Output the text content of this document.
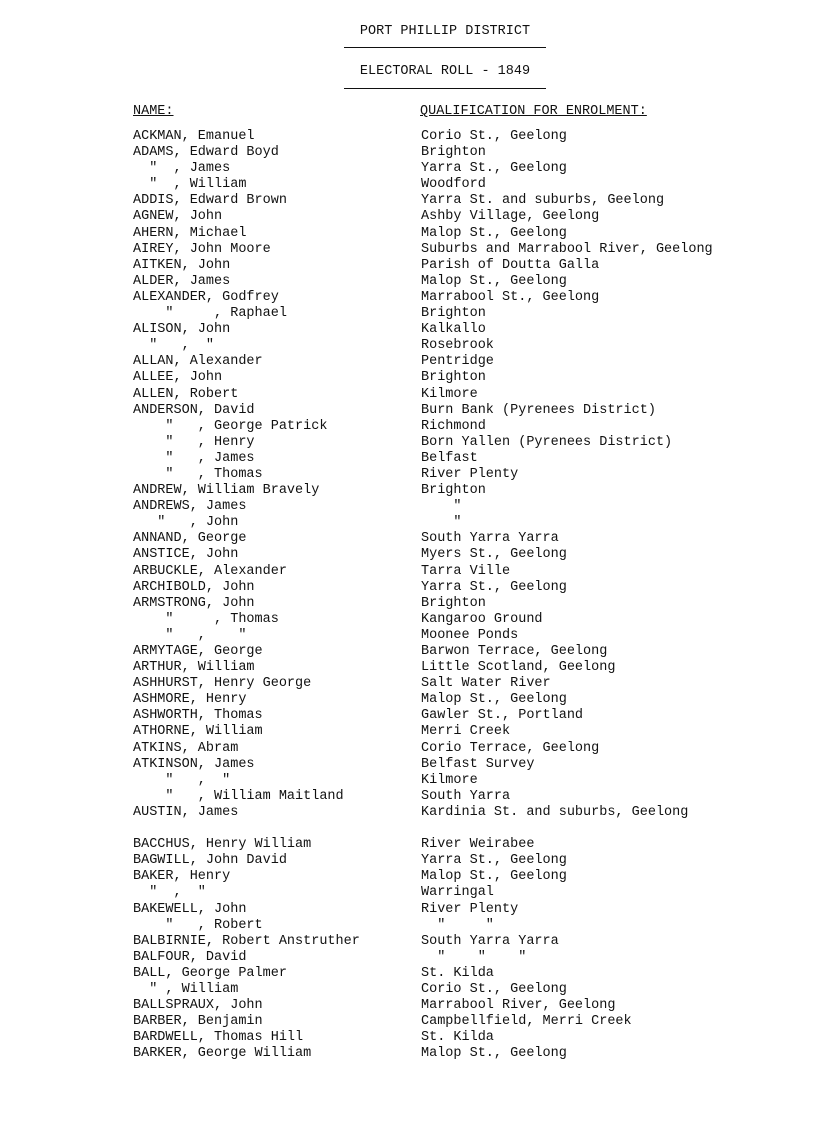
PORT PHILLIP DISTRICT
ELECTORAL ROLL - 1849
NAME:	QUALIFICATION FOR ENROLMENT:
ACKMAN, Emanuel	Corio St., Geelong
ADAMS, Edward Boyd	Brighton
"  , James	Yarra St., Geelong
"  , William	Woodford
ADDIS, Edward Brown	Yarra St. and suburbs, Geelong
AGNEW, John	Ashby Village, Geelong
AHERN, Michael	Malop St., Geelong
AIREY, John Moore	Suburbs and Marrabool River, Geelong
AITKEN, John	Parish of Doutta Galla
ALDER, James	Malop St., Geelong
ALEXANDER, Godfrey	Marrabool St., Geelong
"     , Raphael	Brighton
ALISON, John	Kalkallo
"   ,  "	Rosebrook
ALLAN, Alexander	Pentridge
ALLEE, John	Brighton
ALLEN, Robert	Kilmore
ANDERSON, David	Burn Bank (Pyrenees District)
"   , George Patrick	Richmond
"   , Henry	Born Yallen (Pyrenees District)
"   , James	Belfast
"   , Thomas	River Plenty
ANDREW, William Bravely	Brighton
ANDREWS, James	"
"   , John	"
ANNAND, George	South Yarra Yarra
ANSTICE, John	Myers St., Geelong
ARBUCKLE, Alexander	Tarra Ville
ARCHIBOLD, John	Yarra St., Geelong
ARMSTRONG, John	Brighton
"     , Thomas	Kangaroo Ground
"   ,    "	Moonee Ponds
ARMYTAGE, George	Barwon Terrace, Geelong
ARTHUR, William	Little Scotland, Geelong
ASHHURST, Henry George	Salt Water River
ASHMORE, Henry	Malop St., Geelong
ASHWORTH, Thomas	Gawler St., Portland
ATHORNE, William	Merri Creek
ATKINS, Abram	Corio Terrace, Geelong
ATKINSON, James	Belfast Survey
"   ,  "	Kilmore
"   , William Maitland	South Yarra
AUSTIN, James	Kardinia St. and suburbs, Geelong
BACCHUS, Henry William	River Weirabee
BAGWILL, John David	Yarra St., Geelong
BAKER, Henry	Malop St., Geelong
"  ,  "	Warringal
BAKEWELL, John	River Plenty
"   , Robert	"     "
BALBIRNIE, Robert Anstruther	South Yarra Yarra
BALFOUR, David	"    "    "
BALL, George Palmer	St. Kilda
" , William	Corio St., Geelong
BALLSPRAUX, John	Marrabool River, Geelong
BARBER, Benjamin	Campbellfield, Merri Creek
BARDWELL, Thomas Hill	St. Kilda
BARKER, George William	Malop St., Geelong
